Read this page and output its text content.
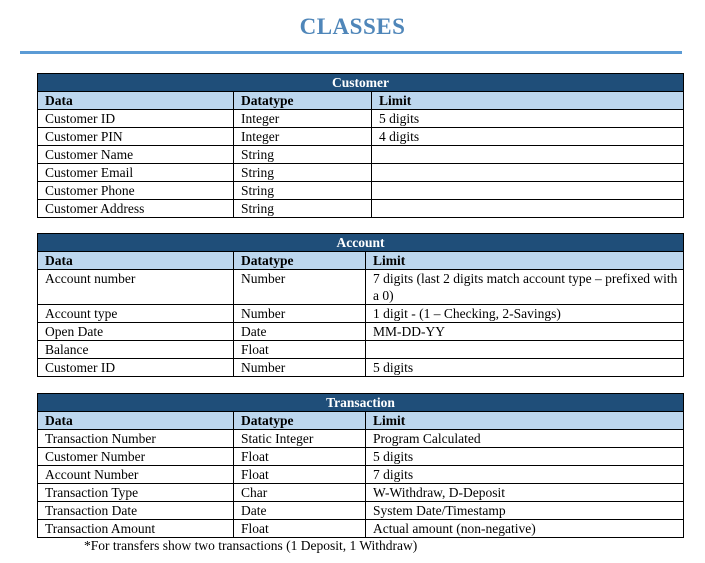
CLASSES
Customer		
Data	Datatype	Limit
Customer ID	Integer	5 digits
Customer PIN	Integer	4 digits
Customer Name	String	
Customer Email	String	
Customer Phone	String	
Customer Address	String	
Account		
Data	Datatype	Limit
Account number	Number	7 digits (last 2 digits match account type – prefixed with a 0)
Account type	Number	1 digit - (1 – Checking, 2-Savings)
Open Date	Date	MM-DD-YY
Balance	Float	
Customer ID	Number	5 digits
Transaction		
Data	Datatype	Limit
Transaction Number	Static Integer	Program Calculated
Customer Number	Float	5 digits
Account Number	Float	7 digits
Transaction Type	Char	W-Withdraw, D-Deposit
Transaction Date	Date	System Date/Timestamp
Transaction Amount	Float	Actual amount (non-negative)
*For transfers show two transactions (1 Deposit, 1 Withdraw)
